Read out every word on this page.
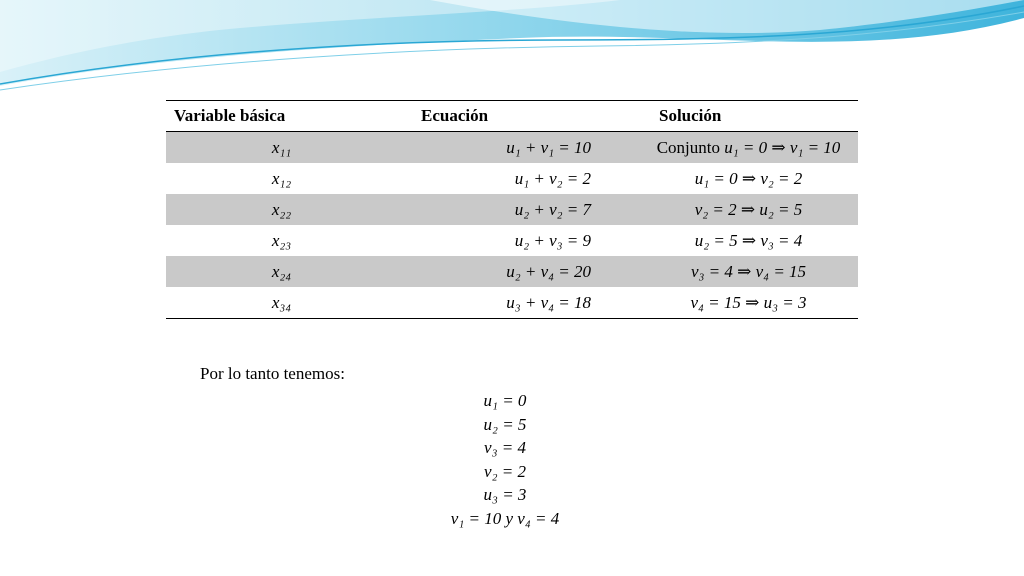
Variable básica	Ecuación	Solución
x₁₁	u₁ + v₁ = 10	Conjunto u₁ = 0 ⇒ v₁ = 10
x₁₂	u₁ + v₂ = 2	u₁ = 0 ⇒ v₂ = 2
x₂₂	u₂ + v₂ = 7	v₂ = 2 ⇒ u₂ = 5
x₂₃	u₂ + v₃ = 9	u₂ = 5 ⇒ v₃ = 4
x₂₄	u₂ + v₄ = 20	v₃ = 4 ⇒ v₄ = 15
x₃₄	u₃ + v₄ = 18	v₄ = 15 ⇒ u₃ = 3
Por lo tanto tenemos:
u₁ = 0
u₂ = 5
v₃ = 4
v₂ = 2
u₃ = 3
v₁ = 10 y v₄ = 4
